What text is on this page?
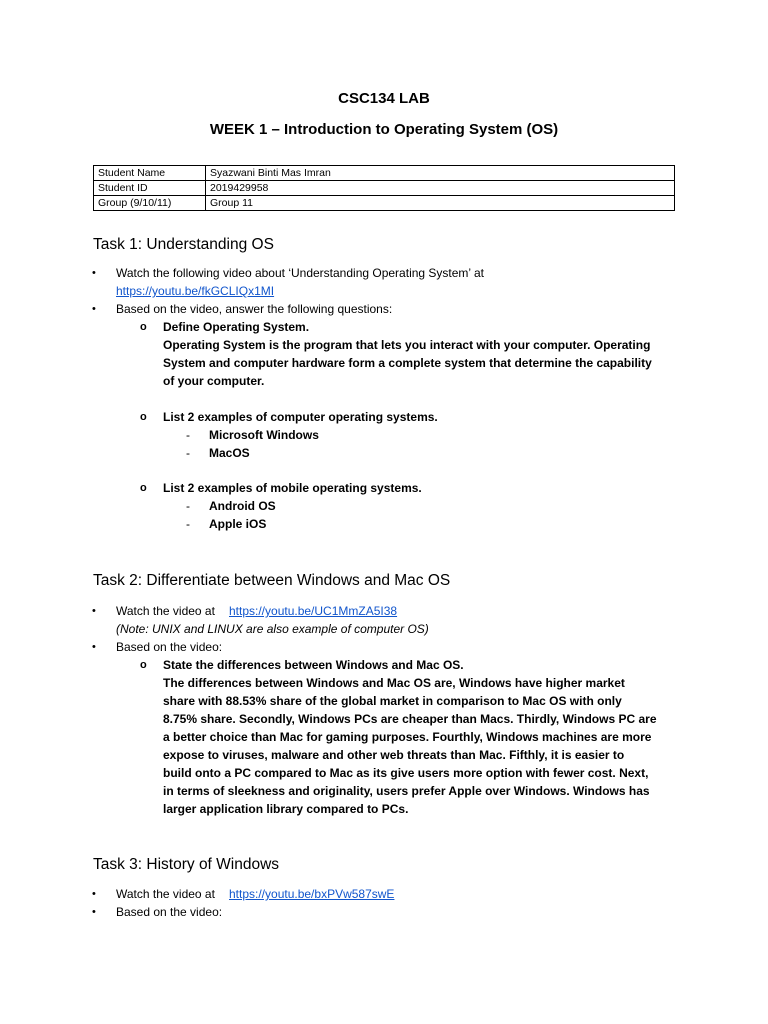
CSC134 LAB
WEEK 1 – Introduction to Operating System (OS)
Student Name	Syazwani Binti Mas Imran
Student ID	2019429958
Group (9/10/11)	Group 11
Task 1: Understanding OS
• Watch the following video about ‘Understanding Operating System’ at
https://youtu.be/fkGCLIQx1MI
• Based on the video, answer the following questions:
o Define Operating System.
Operating System is the program that lets you interact with your computer. Operating
System and computer hardware form a complete system that determine the capability
of your computer.
o List 2 examples of computer operating systems.
- Microsoft Windows
- MacOS
o List 2 examples of mobile operating systems.
- Android OS
- Apple iOS
Task 2: Differentiate between Windows and Mac OS
• Watch the video at https://youtu.be/UC1MmZA5I38
(Note: UNIX and LINUX are also example of computer OS)
• Based on the video:
o State the differences between Windows and Mac OS.
The differences between Windows and Mac OS are, Windows have higher market
share with 88.53% share of the global market in comparison to Mac OS with only
8.75% share. Secondly, Windows PCs are cheaper than Macs. Thirdly, Windows PC are
a better choice than Mac for gaming purposes. Fourthly, Windows machines are more
expose to viruses, malware and other web threats than Mac. Fifthly, it is easier to
build onto a PC compared to Mac as its give users more option with fewer cost. Next,
in terms of sleekness and originality, users prefer Apple over Windows. Windows has
larger application library compared to PCs.
Task 3: History of Windows
• Watch the video at https://youtu.be/bxPVw587swE
• Based on the video:
